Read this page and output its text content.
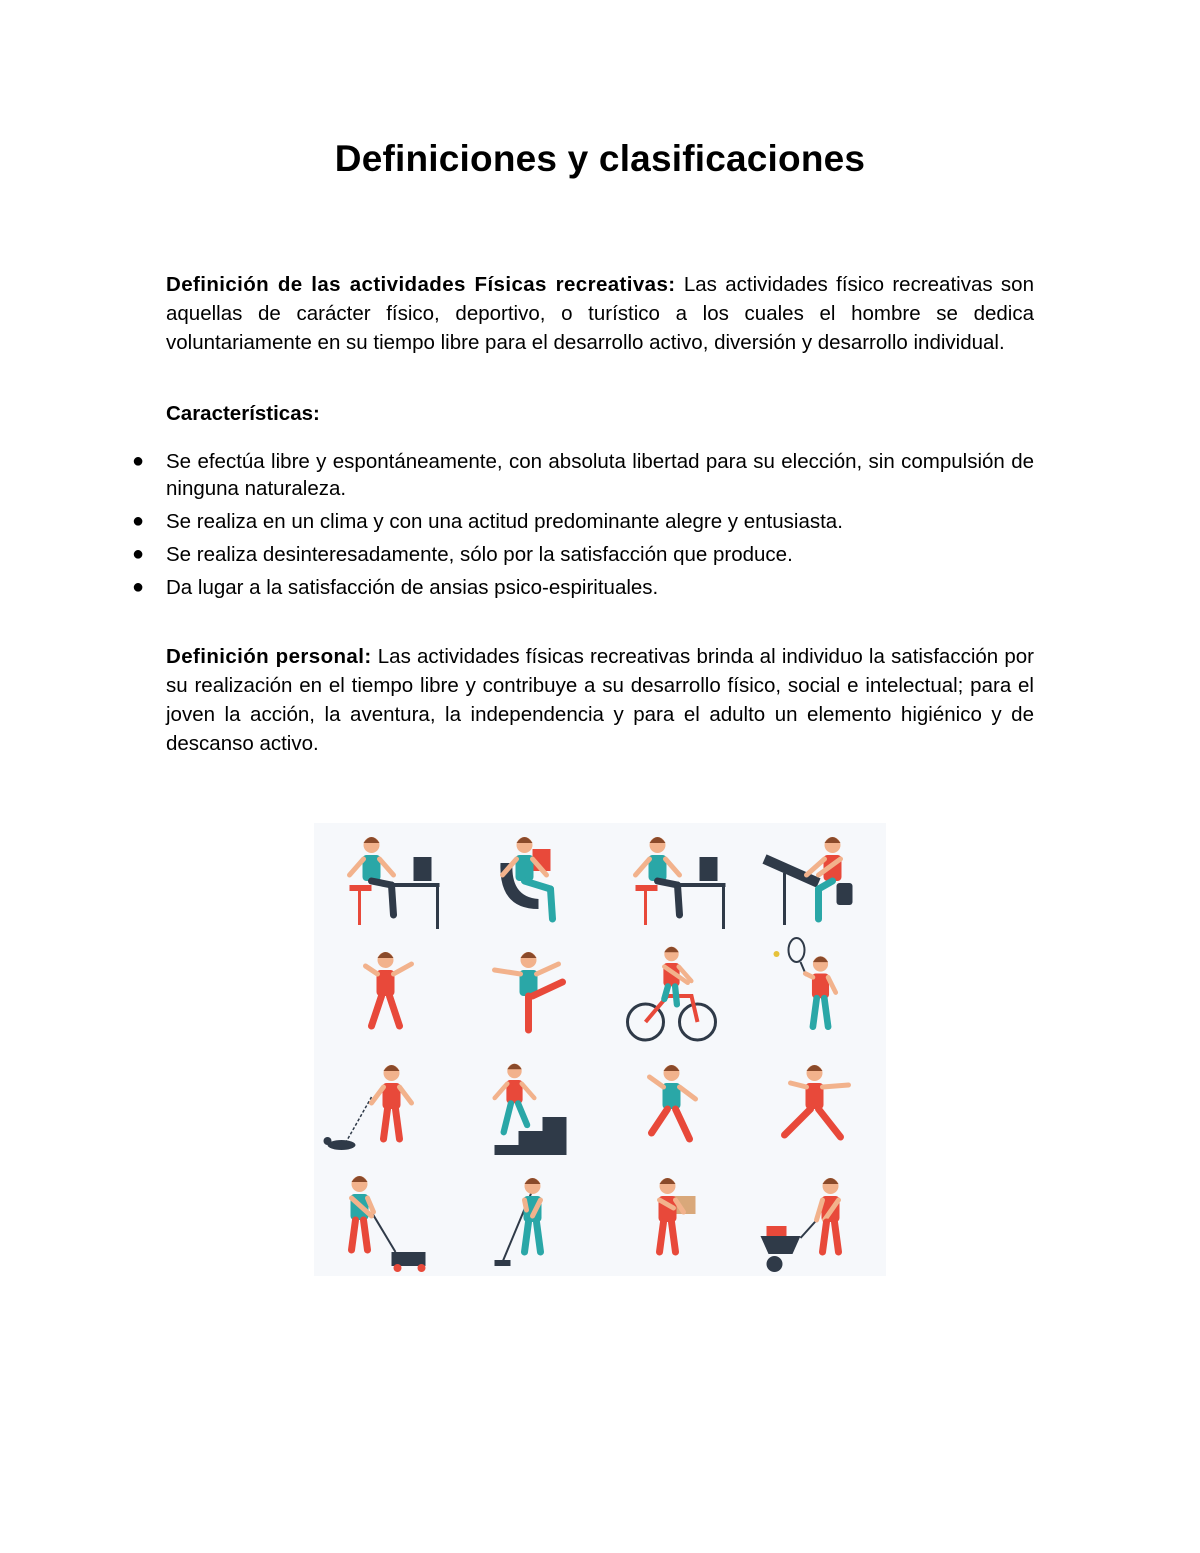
Definiciones y clasificaciones

Definición de las actividades Físicas recreativas: Las actividades físico recreativas son aquellas de carácter físico, deportivo, o turístico a los cuales el hombre se dedica voluntariamente en su tiempo libre para el desarrollo activo, diversión y desarrollo individual.

Características:

● Se efectúa libre y espontáneamente, con absoluta libertad para su elección, sin compulsión de ninguna naturaleza.
● Se realiza en un clima y con una actitud predominante alegre y entusiasta.
● Se realiza desinteresadamente, sólo por la satisfacción que produce.
● Da lugar a la satisfacción de ansias psico-espirituales.

Definición personal: Las actividades físicas recreativas brinda al individuo la satisfacción por su realización en el tiempo libre y contribuye a su desarrollo físico, social e intelectual; para el joven la acción, la aventura, la independencia y para el adulto un elemento higiénico y de descanso activo.
